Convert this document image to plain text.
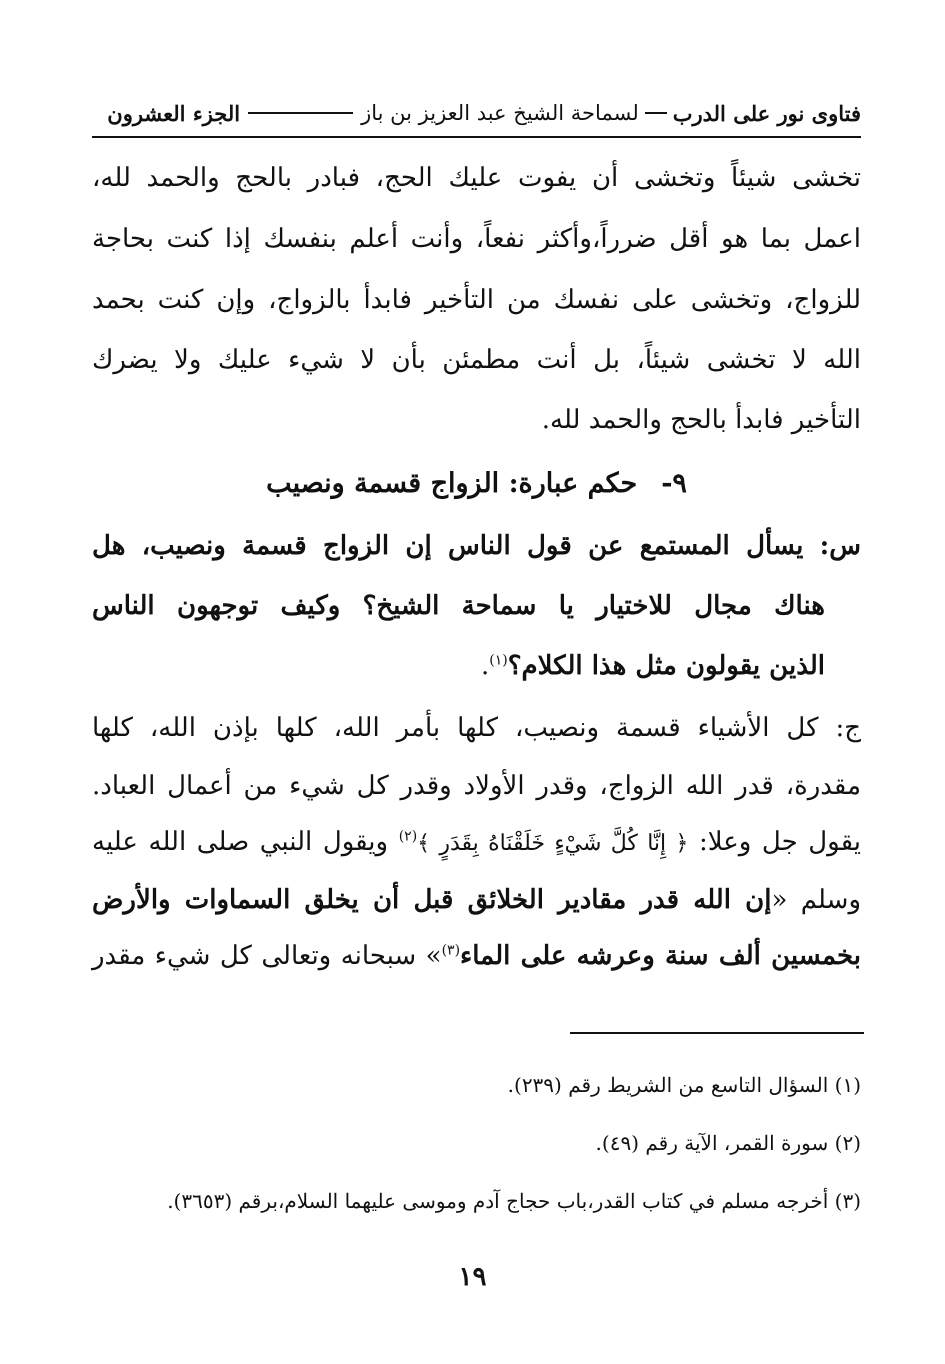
فتاوى نور على الدرب
لسماحة الشيخ عبد العزيز بن باز
الجزء العشرون
تخشى شيئاً وتخشى أن يفوت عليك الحج، فبادر بالحج والحمد لله،
اعمل بما هو أقل ضرراً،وأكثر نفعاً، وأنت أعلم بنفسك إذا كنت بحاجة
للزواج، وتخشى على نفسك من التأخير فابدأ بالزواج، وإن كنت بحمد
الله لا تخشى شيئاً، بل أنت مطمئن بأن لا شيء عليك ولا يضرك
التأخير فابدأ بالحج والحمد لله.
٩-حكم عبارة: الزواج قسمة ونصيب
س: يسأل المستمع عن قول الناس إن الزواج قسمة ونصيب، هل
هناك مجال للاختيار يا سماحة الشيخ؟ وكيف توجهون الناس
الذين يقولون مثل هذا الكلام؟$^{(١)}$.
ج: كل الأشياء قسمة ونصيب، كلها بأمر الله، كلها بإذن الله، كلها
مقدرة، قدر الله الزواج، وقدر الأولاد وقدر كل شيء من أعمال العباد.
يقول جل وعلا: ﴿ إِنَّا كُلَّ شَيْءٍ خَلَقْنَاهُ بِقَدَرٍ ﴾$^{(٢)}$ ويقول النبي صلى الله عليه
وسلم «إن الله قدر مقادير الخلائق قبل أن يخلق السماوات والأرض
بخمسين ألف سنة وعرشه على الماء$^{(٣)}$» سبحانه وتعالى كل شيء مقدر
(١) السؤال التاسع من الشريط رقم (٢٣٩).
(٢) سورة القمر، الآية رقم (٤٩).
(٣) أخرجه مسلم في كتاب القدر،باب حجاج آدم وموسى عليهما السلام،برقم (٣٦٥٣).
١٩
